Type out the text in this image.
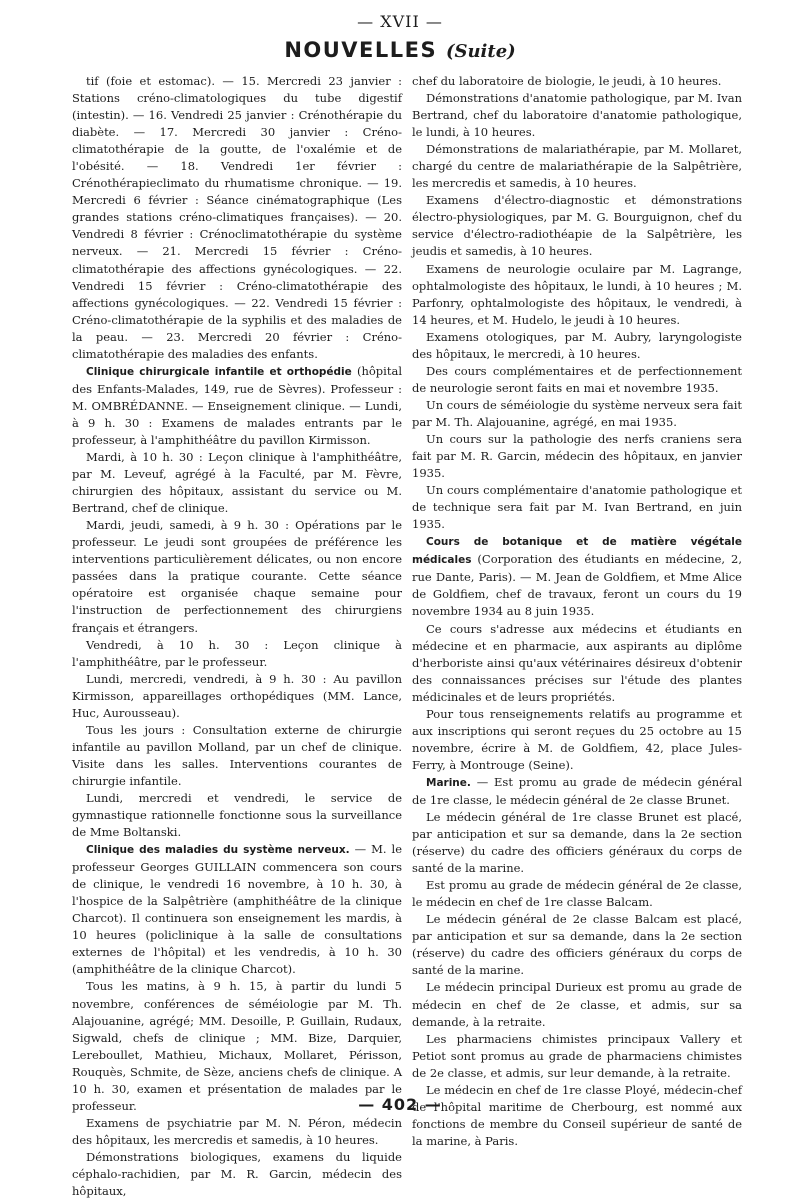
— XVII —
NOUVELLES (Suite)

tif (foie et estomac). — 15. Mercredi 23 janvier : Stations créno-climatologiques du tube digestif (intestin). — 16. Vendredi 25 janvier : Crénothérapie du diabète. — 17. Mercredi 30 janvier : Créno-climatothérapie de la goutte, de l'oxalémie et de l'obésité. — 18. Vendredi 1er février : Crénothérapieclimato du rhumatisme chronique. — 19. Mercredi 6 février : Séance cinématographique (Les grandes stations créno-climatiques françaises). — 20. Vendredi 8 février : Crénoclimatothérapie du système nerveux. — 21. Mercredi 15 février : Créno-climatothérapie des affections gynécologiques. — 22. Vendredi 15 février : Créno-climatothérapie des affections gynécologiques. — 22. Vendredi 15 février : Créno-climatothérapie de la syphilis et des maladies de la peau. — 23. Mercredi 20 février : Créno-climatothérapie des maladies des enfants.

Clinique chirurgicale infantile et orthopédie (hôpital des Enfants-Malades, 149, rue de Sèvres). Professeur : M. OMBRÉDANNE. — Enseignement clinique. — Lundi, à 9 h. 30 : Examens de malades entrants par le professeur, à l'amphithéâtre du pavillon Kirmisson.

Mardi, à 10 h. 30 : Leçon clinique à l'amphithéâtre, par M. Leveuf, agrégé à la Faculté, par M. Fèvre, chirurgien des hôpitaux, assistant du service ou M. Bertrand, chef de clinique.

Mardi, jeudi, samedi, à 9 h. 30 : Opérations par le professeur. Le jeudi sont groupées de préférence les interventions particulièrement délicates, ou non encore passées dans la pratique courante. Cette séance opératoire est organisée chaque semaine pour l'instruction de perfectionnement des chirurgiens français et étrangers.

Vendredi, à 10 h. 30 : Leçon clinique à l'amphithéâtre, par le professeur.

Lundi, mercredi, vendredi, à 9 h. 30 : Au pavillon Kirmisson, appareillages orthopédiques (MM. Lance, Huc, Aurousseau).

Tous les jours : Consultation externe de chirurgie infantile au pavillon Molland, par un chef de clinique. Visite dans les salles. Interventions courantes de chirurgie infantile.

Lundi, mercredi et vendredi, le service de gymnastique rationnelle fonctionne sous la surveillance de Mme Boltanski.

Clinique des maladies du système nerveux. — M. le professeur Georges GUILLAIN commencera son cours de clinique, le vendredi 16 novembre, à 10 h. 30, à l'hospice de la Salpêtrière (amphithéâtre de la clinique Charcot). Il continuera son enseignement les mardis, à 10 heures (policlinique à la salle de consultations externes de l'hôpital) et les vendredis, à 10 h. 30 (amphithéâtre de la clinique Charcot).

Tous les matins, à 9 h. 15, à partir du lundi 5 novembre, conférences de séméiologie par M. Th. Alajouanine, agrégé; MM. Desoille, P. Guillain, Rudaux, Sigwald, chefs de clinique ; MM. Bize, Darquier, Lereboullet, Mathieu, Michaux, Mollaret, Périsson, Rouquès, Schmite, de Sèze, anciens chefs de clinique. A 10 h. 30, examen et présentation de malades par le professeur.

Examens de psychiatrie par M. N. Péron, médecin des hôpitaux, les mercredis et samedis, à 10 heures.

Démonstrations biologiques, examens du liquide céphalo-rachidien, par M. R. Garcin, médecin des hôpitaux,

chef du laboratoire de biologie, le jeudi, à 10 heures.

Démonstrations d'anatomie pathologique, par M. Ivan Bertrand, chef du laboratoire d'anatomie pathologique, le lundi, à 10 heures.

Démonstrations de malariathérapie, par M. Mollaret, chargé du centre de malariathérapie de la Salpêtrière, les mercredis et samedis, à 10 heures.

Examens d'électro-diagnostic et démonstrations électro-physiologiques, par M. G. Bourguignon, chef du service d'électro-radiothéapie de la Salpêtrière, les jeudis et samedis, à 10 heures.

Examens de neurologie oculaire par M. Lagrange, ophtalmologiste des hôpitaux, le lundi, à 10 heures ; M. Parfonry, ophtalmologiste des hôpitaux, le vendredi, à 14 heures, et M. Hudelo, le jeudi à 10 heures.

Examens otologiques, par M. Aubry, laryngologiste des hôpitaux, le mercredi, à 10 heures.

Des cours complémentaires et de perfectionnement de neurologie seront faits en mai et novembre 1935.

Un cours de séméiologie du système nerveux sera fait par M. Th. Alajouanine, agrégé, en mai 1935.

Un cours sur la pathologie des nerfs craniens sera fait par M. R. Garcin, médecin des hôpitaux, en janvier 1935.

Un cours complémentaire d'anatomie pathologique et de technique sera fait par M. Ivan Bertrand, en juin 1935.

Cours de botanique et de matière végétale médicales (Corporation des étudiants en médecine, 2, rue Dante, Paris). — M. Jean de Goldfiem, et Mme Alice de Goldfiem, chef de travaux, feront un cours du 19 novembre 1934 au 8 juin 1935.

Ce cours s'adresse aux médecins et étudiants en médecine et en pharmacie, aux aspirants au diplôme d'herboriste ainsi qu'aux vétérinaires désireux d'obtenir des connaissances précises sur l'étude des plantes médicinales et de leurs propriétés.

Pour tous renseignements relatifs au programme et aux inscriptions qui seront reçues du 25 octobre au 15 novembre, écrire à M. de Goldfiem, 42, place Jules-Ferry, à Montrouge (Seine).

Marine. — Est promu au grade de médecin général de 1re classe, le médecin général de 2e classe Brunet.

Le médecin général de 1re classe Brunet est placé, par anticipation et sur sa demande, dans la 2e section (réserve) du cadre des officiers généraux du corps de santé de la marine.

Est promu au grade de médecin général de 2e classe, le médecin en chef de 1re classe Balcam.

Le médecin général de 2e classe Balcam est placé, par anticipation et sur sa demande, dans la 2e section (réserve) du cadre des officiers généraux du corps de santé de la marine.

Le médecin principal Durieux est promu au grade de médecin en chef de 2e classe, et admis, sur sa demande, à la retraite.

Les pharmaciens chimistes principaux Vallery et Petiot sont promus au grade de pharmaciens chimistes de 2e classe, et admis, sur leur demande, à la retraite.

Le médecin en chef de 1re classe Ployé, médecin-chef de l'hôpital maritime de Cherbourg, est nommé aux fonctions de membre du Conseil supérieur de santé de la marine, à Paris.

— 402 —
